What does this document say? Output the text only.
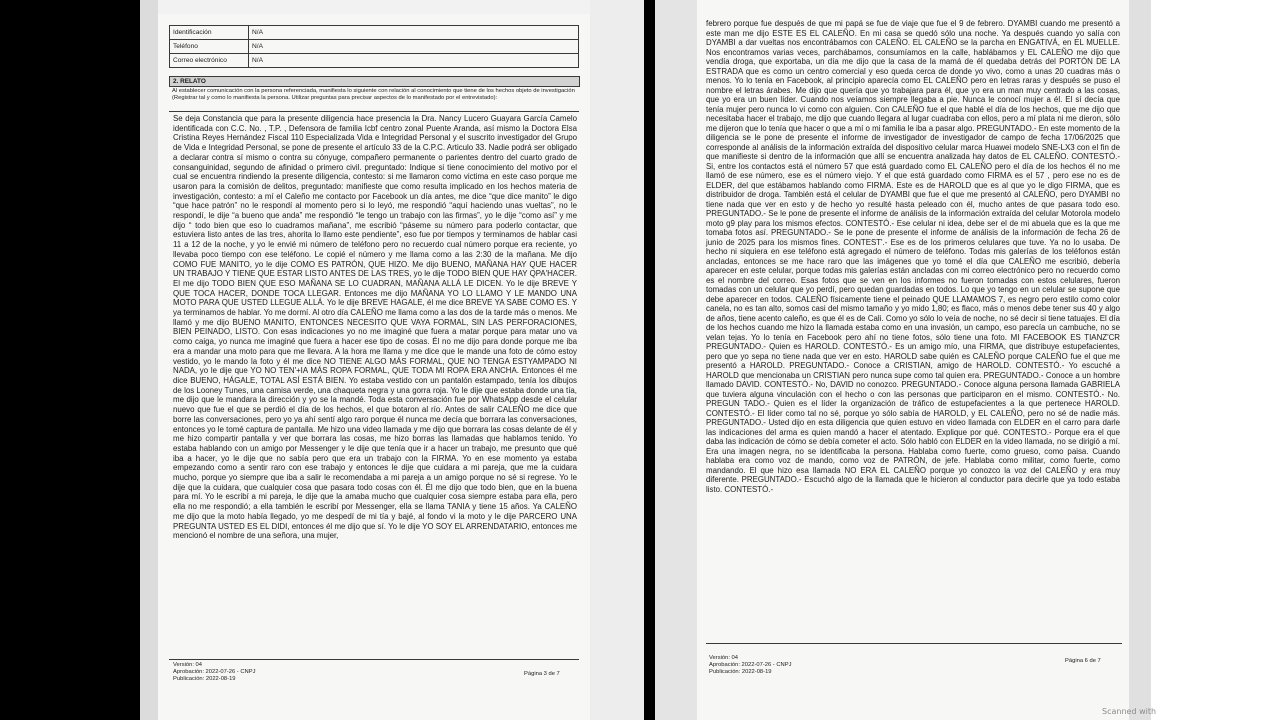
Identificación	N/A
Teléfono	N/A
Correo electrónico	N/A
2. RELATO
Al establecer comunicación con la persona referenciada, manifiesta lo siguiente con relación al conocimiento que tiene de los hechos objeto de investigación (Registrar tal y como lo manifiesta la persona. Utilizar preguntas para precisar aspectos de lo manifestado por el entrevistado):

Se deja Constancia que para la presente diligencia hace presencia la Dra. Nancy Lucero Guayara García Camelo identificada con C.C. No. , T.P. , Defensora de familia Icbf centro zonal Puente Aranda, así mismo la Doctora Elsa Cristina Reyes Hernández Fiscal 110 Especializada Vida e Integridad Personal y el suscrito investigador del Grupo de Vida e Integridad Personal, se pone de presente el artículo 33 de la C.P.C. Articulo 33. Nadie podrá ser obligado a declarar contra sí mismo o contra su cónyuge, compañero permanente o parientes dentro del cuarto grado de consanguinidad, segundo de afinidad o primero civil. preguntado: Indique si tiene conocimiento del motivo por el cual se encuentra rindiendo la presente diligencia, contesto: si me llamaron como victima en este caso porque me usaron para la comisión de delitos, preguntado: manifieste que como resulta implicado en los hechos materia de investigación, contesto: a mí el Caleño me contacto por Facebook un día antes, me dice “que dice manito” le digo “que hace patrón” no le respondí al momento pero si lo leyó, me respondió “aquí haciendo unas vueltas”, no le respondí, le dije “a bueno que anda” me respondió “le tengo un trabajo con las firmas”, yo le dije “como así” y me dijo “ todo bien que eso lo cuadramos mañana”, me escribió “páseme su número para poderlo contactar, que estuviera listo antes de las tres, ahorita lo llamo este pendiente”, eso fue por tiempos y terminamos de hablar casi 11 a 12 de la noche, y yo le envié mi número de teléfono pero no recuerdo cual número porque era reciente, yo llevaba poco tiempo con ese teléfono. Le copié el número y me llama como a las 2:30 de la mañana. Me dijo COMO FUE MANITO, yo le dije COMO ES PATRÓN, QUE HIZO. Me dijo BUENO, MAÑANA HAY QUE HACER UN TRABAJO Y TIENE QUE ESTAR LISTO ANTES DE LAS TRES, yo le dije TODO BIEN QUE HAY QPA'HACER. El me dijo TODO BIEN QUE ESO MAÑANA SE LO CUADRAN, MAÑANA ALLÁ LE DICEN. Yo le dije BREVE Y QUE TOCA HACER, DONDE TOCA LLEGAR. Entonces me dijo MAÑANA YO LO LLAMO Y LE MANDO UNA MOTO PARA QUE USTED LLEGUE ALLÁ. Yo le dije BREVE HAGALE, él me dice BREVE YA SABE COMO ES. Y ya terminamos de hablar. Yo me dormí. Al otro día CALEÑO me llama como a las dos de la tarde más o menos. Me llamó y me dijo BUENO MANITO, ENTONCES NECESITO QUE VAYA FORMAL, SIN LAS PERFORACIONES, BIEN PEINADO, LISTO. Con esas indicaciones yo no me imaginé que fuera a matar porque para matar uno va como caiga, yo nunca me imaginé que fuera a hacer ese tipo de cosas. Él no me dijo para donde porque me iba era a mandar una moto para que me llevara. A la hora me llama y me dice que le mande una foto de cómo estoy vestido, yo le mando la foto y él me dice NO TIENE ALGO MÁS FORMAL, QUE NO TENGA ESTYAMPADO NI NADA, yo le dije que YO NO TEN'+IA MÁS ROPA FORMAL, QUE TODA MI ROPA ERA ANCHA. Entonces él me dice BUENO, HÁGALE, TOTAL ASÍ ESTÁ BIEN. Yo estaba vestido con un pantalón estampado, tenía los dibujos de los Looney Tunes, una camisa verde, una chaqueta negra y una gorra roja. Yo le dije que estaba donde una tía, me dijo que le mandara la dirección y yo se la mandé. Toda esta conversación fue por WhatsApp desde el celular nuevo que fue el que se perdió el día de los hechos, el que botaron al río. Antes de salir CALEÑO me dice que borre las conversaciones, pero yo ya ahí sentí algo raro porque él nunca me decía que borrara las conversaciones, entonces yo le tomé captura de pantalla. Me hizo una video llamada y me dijo que borrara las cosas delante de él y me hizo compartir pantalla y ver que borrara las cosas, me hizo borras las llamadas que hablamos tenido. Yo estaba hablando con un amigo por Messenger y le dije que tenía que ir a hacer un trabajo, me presunto que qué iba a hacer, yo le dije que no sabía pero que era un trabajo con la FIRMA. Yo en ese momento ya estaba empezando como a sentir raro con ese trabajo y entonces le dije que cuidara a mi pareja, que me la cuidara mucho, porque yo siempre que iba a salir le recomendaba a mi pareja a un amigo porque no sé si regrese. Yo le dije que la cuidara, que cualquier cosa que pasara todo cosas con él. Él me dijo que todo bien, que en la buena para mí. Yo le escribí a mi pareja, le dije que la amaba mucho que cualquier cosa siempre estaba para ella, pero ella no me respondió; a ella también le escribí por Messenger, ella se llama TANIA y tiene 15 años. Ya CALEÑO me dijo que la moto había llegado, yo me despedí de mi tía y bajé, al fondo vi la moto y le dije PARCERO UNA PREGUNTA USTED ES EL DIDI, entonces él me dijo que sí. Yo le dije YO SOY EL ARRENDATARIO, entonces me mencionó el nombre de una señora, una mujer,

Versión: 04
Aprobación: 2022-07-26 - CNPJ
Publicación: 2022-08-19
Página 3 de 7

febrero porque fue después de que mi papá se fue de viaje que fue el 9 de febrero. DYAMBI cuando me presentó a este man me dijo ESTE ES EL CALEÑO. En mi casa se quedó sólo una noche. Ya después cuando yo salía con DYAMBI a dar vueltas nos encontrábamos con CALEÑO. EL CALEÑO se la parcha en ENGATIVÁ, en EL MUELLE. Nos encontramos varias veces, parchábamos, consumíamos en la calle, hablábamos y EL CALEÑO me dijo que vendía droga, que exportaba, un día me dijo que la casa de la mamá de él quedaba detrás del PORTÓN DE LA ESTRADA que es como un centro comercial y eso queda cerca de donde yo vivo, como a unas 20 cuadras más o menos. Yo lo tenía en Facebook, al principio aparecía como EL CALEÑO pero en letras raras y después se puso el nombre el letras árabes. Me dijo que quería que yo trabajara para él, que yo era un man muy centrado a las cosas, que yo era un buen líder. Cuando nos veíamos siempre llegaba a pie. Nunca le conocí mujer a él. El sí decía que tenía mujer pero nunca lo vi como con alguien. Con CALEÑO fue el que hablé el día de los hechos, que me dijo que necesitaba hacer el trabajo, me dijo que cuando llegara al lugar cuadraba con ellos, pero a mí plata ni me dieron, sólo me dijeron que lo tenía que hacer o que a mí o mi familia le iba a pasar algo. PREGUNTADO.- En este momento de la diligencia se le pone de presente el informe de investigador de investigador de campo de fecha 17/06/2025 que corresponde al análisis de la información extraída del dispositivo celular marca Huawei modelo SNE-LX3 con el fin de que manifieste si dentro de la información que allí se encuentra analizada hay datos de EL CALEÑO. CONTESTÓ.- Si, entre los contactos está el número 57 que está guardado como EL CALEÑO pero el día de los hechos él no me llamó de ese número, ese es el número viejo. Y el que está guardado como FIRMA es el 57 , pero ese no es de ELDER, del que estábamos hablando como FIRMA. Este es de HAROLD que es al que yo le digo FIRMA, que es distribuidor de droga. También está el celular de DYAMBI que fue el que me presentó al CALEÑO, pero DYAMBI no tiene nada que ver en esto y de hecho yo resulté hasta peleado con él, mucho antes de que pasara todo eso. PREGUNTADO.- Se le pone de presente el informe de análisis de la información extraída del celular Motorola modelo moto g9 play para los mismos efectos. CONTESTÓ.- Ese celular ni idea, debe ser el de mi abuela que es la que me tomaba fotos así. PREGUNTADO.- Se le pone de presente el informe de análisis de la información de fecha 26 de junio de 2025 para los mismos fines. CONTEST'.- Ese es de los primeros celulares que tuve. Ya no lo usaba. De hecho ni siquiera en ese teléfono está agregado el número de teléfono. Todas mis galerías de los teléfonos están ancladas, entonces se me hace raro que las imágenes que yo tomé el día que CALEÑO me escribió, debería aparecer en este celular, porque todas mis galerías están ancladas con mi correo electrónico pero no recuerdo como es el nombre del correo. Esas fotos que se ven en los informes no fueron tomadas con estos celulares, fueron tomadas con un celular que yo perdí, pero quedan guardadas en todos. Lo que yo tengo en un celular se supone que debe aparecer en todos. CALEÑO físicamente tiene el peinado QUE LLAMAMOS 7, es negro pero estilo como color canela, no es tan alto, somos casi del mismo tamaño y yo mido 1,80; es flaco, más o menos debe tener sus 40 y algo de años, tiene acento caleño, es que él es de Cali. Como yo sólo lo veía de noche, no sé decir si tiene tatuajes. El día de los hechos cuando me hizo la llamada estaba como en una invasión, un campo, eso parecía un cambuche, no se velan tejas. Yo lo tenía en Facebook pero ahí no tiene fotos, sólo tiene una foto. MI FACEBOOK ES TIANZ'CR PREGUNTADO.- Quien es HAROLD. CONTESTÓ.- Es un amigo mío, una FIRMA, que distribuye estupefacientes, pero que yo sepa no tiene nada que ver en esto. HAROLD sabe quién es CALEÑO porque CALEÑO fue el que me presentó a HAROLD. PREGUNTADO.- Conoce a CRISTIAN, amigo de HAROLD. CONTESTÓ.- Yo escuché a HAROLD que mencionaba un CRISTIAN pero nunca supe como tal quien era. PREGUNTADO.- Conoce a un hombre llamado DAVID. CONTESTÓ.- No, DAVID no conozco. PREGUNTADO.- Conoce alguna persona llamada GABRIELA que tuviera alguna vinculación con el hecho o con las personas que participaron en el mismo. CONTESTÓ.- No. PREGUN TADO.- Quien es el líder la organización de tráfico de estupefacientes a la que pertenece HAROLD. CONTESTÓ.- El líder como tal no sé, porque yo sólo sabía de HAROLD, y EL CALEÑO, pero no sé de nadie más. PREGUNTADO.- Usted dijo en esta diligencia que quien estuvo en video llamada con ELDER en el carro para darle las indicaciones del arma es quien mandó a hacer el atentado. Explique por qué. CONTESTO.- Porque era el que daba las indicación de cómo se debía cometer el acto. Sólo habló con ELDER en la video llamada, no se dirigió a mí. Era una imagen negra, no se identificaba la persona. Hablaba como fuerte, como grueso, como paisa. Cuando hablaba era como voz de mando, como voz de PATRÓN, de jefe. Hablaba como militar, como fuerte, como mandando. El que hizo esa llamada NO ERA EL CALEÑO porque yo conozco la voz del CALEÑO y era muy diferente. PREGUNTADO.- Escuchó algo de la llamada que le hicieron al conductor para decirle que ya todo estaba listo. CONTESTÓ.-

Versión: 04
Aprobación: 2022-07-26 - CNPJ
Publicación: 2022-08-19
Página 6 de 7
Scanned with
